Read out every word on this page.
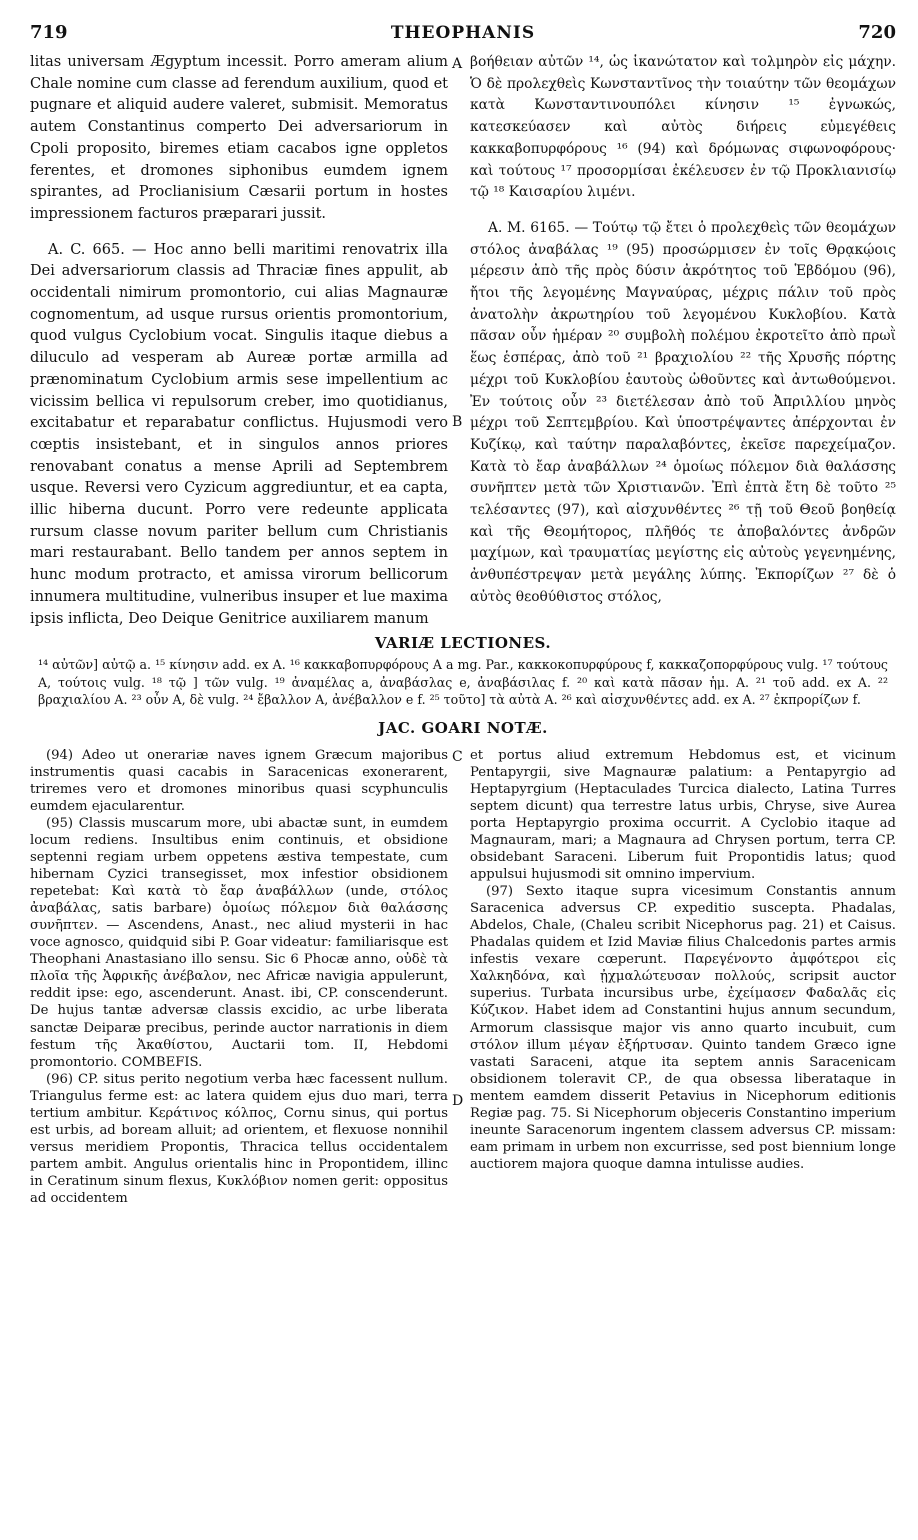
719	THEOPHANIS	720

litas universam Ægyptum incessit. Porro ameram alium Chale nomine cum classe ad ferendum auxilium, quod et pugnare et aliquid audere valeret, submisit. Memoratus autem Constantinus comperto Dei adversariorum in Cpoli proposito, biremes etiam cacabos igne oppletos ferentes, et dromones siphonibus eumdem ignem spirantes, ad Proclianisium Cæsarii portum in hostes impressionem facturos præparari jussit.

A. C. 665. — Hoc anno belli maritimi renovatrix illa Dei adversariorum classis ad Thraciæ fines appulit, ab occidentali nimirum promontorio, cui alias Magnauræ cognomentum, ad usque rursus orientis promontorium, quod vulgus Cyclobium vocat. Singulis itaque diebus a diluculo ad vesperam ab Aureæ portæ armilla ad prænominatum Cyclobium armis sese impellentium ac vicissim bellica vi repulsorum creber, imo quotidianus, excitabatur et reparabatur conflictus. Hujusmodi vero cœptis insistebant, et in singulos annos priores renovabant conatus a mense Aprili ad Septembrem usque. Reversi vero Cyzicum aggrediuntur, et ea capta, illic hiberna ducunt. Porro vere redeunte applicata rursum classe novum pariter bellum cum Christianis mari restaurabant. Bello tandem per annos septem in hunc modum protracto, et amissa virorum bellicorum innumera multitudine, vulneribus insuper et lue maxima ipsis inflicta, Deo Deique Genitrice auxiliarem manum

A
B

βοήθειαν αὐτῶν ¹⁴, ὡς ἱκανώτατον καὶ τολμηρὸν εἰς μάχην. Ὁ δὲ προλεχθεὶς Κωνσταντῖνος τὴν τοιαύτην τῶν θεομάχων κατὰ Κωνσταντινουπόλει κίνησιν ¹⁵ ἐγνωκώς, κατεσκεύασεν καὶ αὐτὸς διήρεις εὐμεγέθεις κακκαβοπυρφόρους ¹⁶ (94) καὶ δρόμωνας σιφωνοφόρους· καὶ τούτους ¹⁷ προσορμίσαι ἐκέλευσεν ἐν τῷ Προκλιανισίῳ τῷ ¹⁸ Καισαρίου λιμένι.

A. M. 6165. — Τούτῳ τῷ ἔτει ὁ προλεχθεὶς τῶν θεομάχων στόλος ἀναβάλας ¹⁹ (95) προσώρμισεν ἐν τοῖς Θρᾳκῴοις μέρεσιν ἀπὸ τῆς πρὸς δύσιν ἀκρότητος τοῦ Ἑβδόμου (96), ἤτοι τῆς λεγομένης Μαγναύρας, μέχρις πάλιν τοῦ πρὸς ἀνατολὴν ἀκρωτηρίου τοῦ λεγομένου Κυκλοβίου. Κατὰ πᾶσαν οὖν ἡμέραν ²⁰ συμβολὴ πολέμου ἐκροτεῖτο ἀπὸ πρωῒ ἕως ἑσπέρας, ἀπὸ τοῦ ²¹ βραχιολίου ²² τῆς Χρυσῆς πόρτης μέχρι τοῦ Κυκλοβίου ἑαυτοὺς ὠθοῦντες καὶ ἀντωθούμενοι. Ἐν τούτοις οὖν ²³ διετέλεσαν ἀπὸ τοῦ Ἀπριλλίου μηνὸς μέχρι τοῦ Σεπτεμβρίου. Καὶ ὑποστρέψαντες ἀπέρχονται ἐν Κυζίκῳ, καὶ ταύτην παραλαβόντες, ἐκεῖσε παρεχείμαζον. Κατὰ τὸ ἔαρ ἀναβάλλων ²⁴ ὁμοίως πόλεμον διὰ θαλάσσης συνῆπτεν μετὰ τῶν Χριστιανῶν. Ἐπὶ ἑπτὰ ἔτη δὲ τοῦτο ²⁵ τελέσαντες (97), καὶ αἰσχυνθέντες ²⁶ τῇ τοῦ Θεοῦ βοηθείᾳ καὶ τῆς Θεομήτορος, πλῆθός τε ἀποβαλόντες ἀνδρῶν μαχίμων, καὶ τραυματίας μεγίστης εἰς αὐτοὺς γεγενημένης, ἀνθυπέστρεψαν μετὰ μεγάλης λύπης. Ἐκπορίζων ²⁷ δὲ ὁ αὐτὸς θεοθύθιστος στόλος,

VARIÆ LECTIONES.

¹⁴ αὐτῶν] αὐτῷ a. ¹⁵ κίνησιν add. ex A. ¹⁶ κακκαβοπυρφόρους A a mg. Par., κακκοκοπυρφύρους f, κακκαζοπορφύρους vulg. ¹⁷ τούτους A, τούτοις vulg. ¹⁸ τῷ ] τῶν vulg. ¹⁹ ἀναμέλας a, ἀναβάσλας e, ἀναβάσιλας f. ²⁰ καὶ κατὰ πᾶσαν ἡμ. A. ²¹ τοῦ add. ex A. ²² βραχιαλίου A. ²³ οὖν A, δὲ vulg. ²⁴ ἔβαλλον A, ἀνέβαλλον e f. ²⁵ τοῦτο] τὰ αὐτὰ A. ²⁶ καὶ αἰσχυνθέντες add. ex A. ²⁷ ἐκπρορίζων f.

JAC. GOARI NOTÆ.

(94) Adeo ut onerariæ naves ignem Græcum majoribus instrumentis quasi cacabis in Saracenicas exonerarent, triremes vero et dromones minoribus quasi scyphunculis eumdem ejacularentur.

(95) Classis muscarum more, ubi abactæ sunt, in eumdem locum rediens. Insultibus enim continuis, et obsidione septenni regiam urbem oppetens æstiva tempestate, cum hibernam Cyzici transegisset, mox infestior obsidionem repetebat: Καὶ κατὰ τὸ ἔαρ ἀναβάλλων (unde, στόλος ἀναβάλας, satis barbare) ὁμοίως πόλεμον διὰ θαλάσσης συνῆπτεν. — Ascendens, Anast., nec aliud mysterii in hac voce agnosco, quidquid sibi P. Goar videatur: familiarisque est Theophani Anastasiano illo sensu. Sic 6 Phocæ anno, οὐδὲ τὰ πλοῖα τῆς Ἀφρικῆς ἀνέβαλον, nec Africæ navigia appulerunt, reddit ipse: ego, ascenderunt. Anast. ibi, CP. conscenderunt. De hujus tantæ adversæ classis excidio, ac urbe liberata sanctæ Deiparæ precibus, perinde auctor narrationis in diem festum τῆς Ἀκαθίστου, Auctarii tom. II, Hebdomi promontorio. COMBEFIS.

(96) CP. situs perito negotium verba hæc facessent nullum. Triangulus ferme est: ac latera quidem ejus duo mari, terra tertium ambitur. Κεράτινος κόλπος, Cornu sinus, qui portus est urbis, ad boream alluit; ad orientem, et flexuose nonnihil versus meridiem Propontis, Thracica tellus occidentalem partem ambit. Angulus orientalis hinc in Propontidem, illinc in Ceratinum sinum flexus, Κυκλόβιον nomen gerit: oppositus ad occidentem

C
D

et portus aliud extremum Hebdomus est, et vicinum Pentapyrgii, sive Magnauræ palatium: a Pentapyrgio ad Heptapyrgium (Heptaculades Turcica dialecto, Latina Turres septem dicunt) qua terrestre latus urbis, Chryse, sive Aurea porta Heptapyrgio proxima occurrit. A Cyclobio itaque ad Magnauram, mari; a Magnaura ad Chrysen portum, terra CP. obsidebant Saraceni. Liberum fuit Propontidis latus; quod appulsui hujusmodi sit omnino impervium.

(97) Sexto itaque supra vicesimum Constantis annum Saracenica adversus CP. expeditio suscepta. Phadalas, Abdelos, Chale, (Chaleu scribit Nicephorus pag. 21) et Caisus. Phadalas quidem et Izid Maviæ filius Chalcedonis partes armis infestis vexare cœperunt. Παρεγένοντο ἀμφότεροι εἰς Χαλκηδόνα, καὶ ᾐχμαλώτευσαν πολλούς, scripsit auctor superius. Turbata incursibus urbe, ἐχείμασεν Φαδαλᾶς εἰς Κύζικον. Habet idem ad Constantini hujus annum secundum, Armorum classisque major vis anno quarto incubuit, cum στόλον illum μέγαν ἐξήρτυσαν. Quinto tandem Græco igne vastati Saraceni, atque ita septem annis Saracenicam obsidionem toleravit CP., de qua obsessa liberataque in mentem eamdem disserit Petavius in Nicephorum editionis Regiæ pag. 75. Si Nicephorum objeceris Constantino imperium ineunte Saracenorum ingentem classem adversus CP. missam: eam primam in urbem non excurrisse, sed post biennium longe auctiorem majora quoque damna intulisse audies.
